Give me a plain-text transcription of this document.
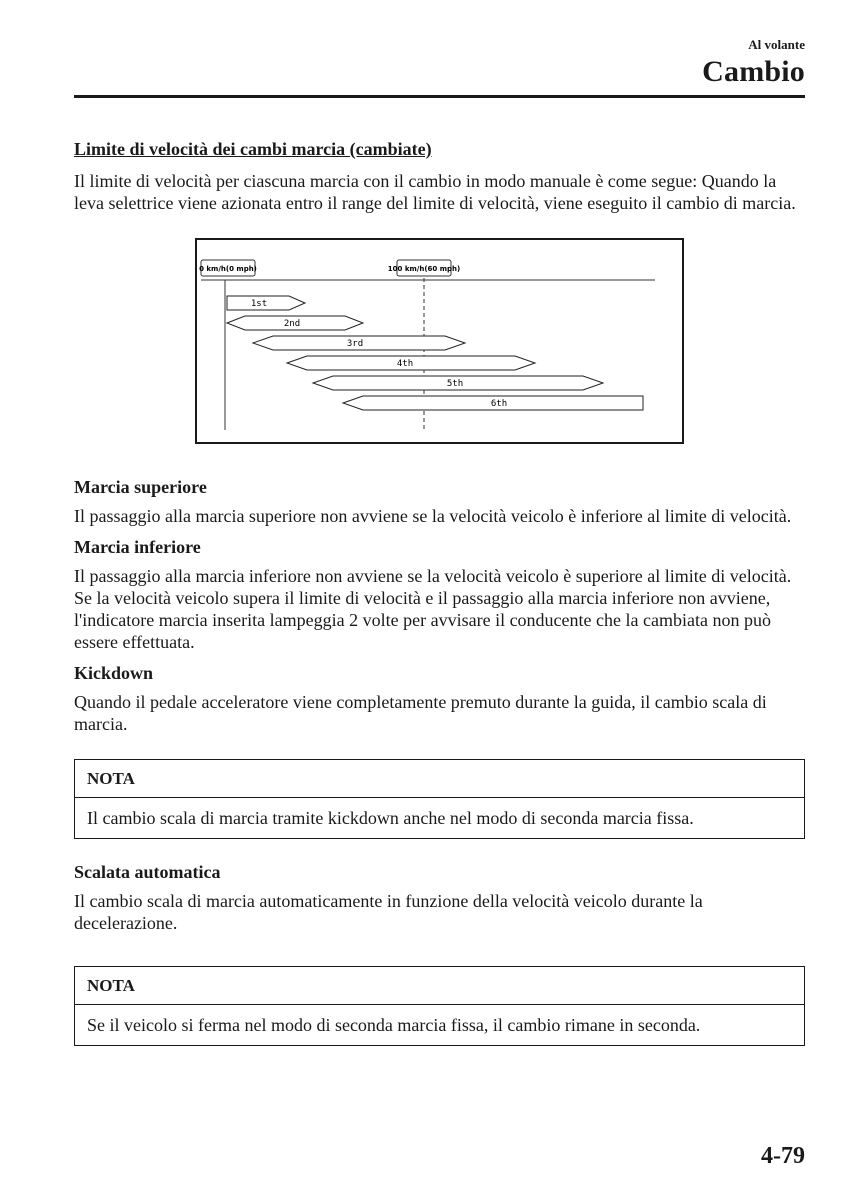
Al volante
Cambio
Limite di velocità dei cambi marcia (cambiate)

Il limite di velocità per ciascuna marcia con il cambio in modo manuale è come segue: Quando la leva selettrice viene azionata entro il range del limite di velocità, viene eseguito il cambio di marcia.

0 km/h(0 mph)	100 km/h(60 mph)
1st
2nd
3rd
4th
5th
6th
Marcia superiore

Il passaggio alla marcia superiore non avviene se la velocità veicolo è inferiore al limite di velocità.

Marcia inferiore

Il passaggio alla marcia inferiore non avviene se la velocità veicolo è superiore al limite di velocità.

Se la velocità veicolo supera il limite di velocità e il passaggio alla marcia inferiore non avviene, l'indicatore marcia inserita lampeggia 2 volte per avvisare il conducente che la cambiata non può essere effettuata.

Kickdown

Quando il pedale acceleratore viene completamente premuto durante la guida, il cambio scala di marcia.

NOTA
Il cambio scala di marcia tramite kickdown anche nel modo di seconda marcia fissa.
Scalata automatica

Il cambio scala di marcia automaticamente in funzione della velocità veicolo durante la decelerazione.

NOTA
Se il veicolo si ferma nel modo di seconda marcia fissa, il cambio rimane in seconda.
4-79
